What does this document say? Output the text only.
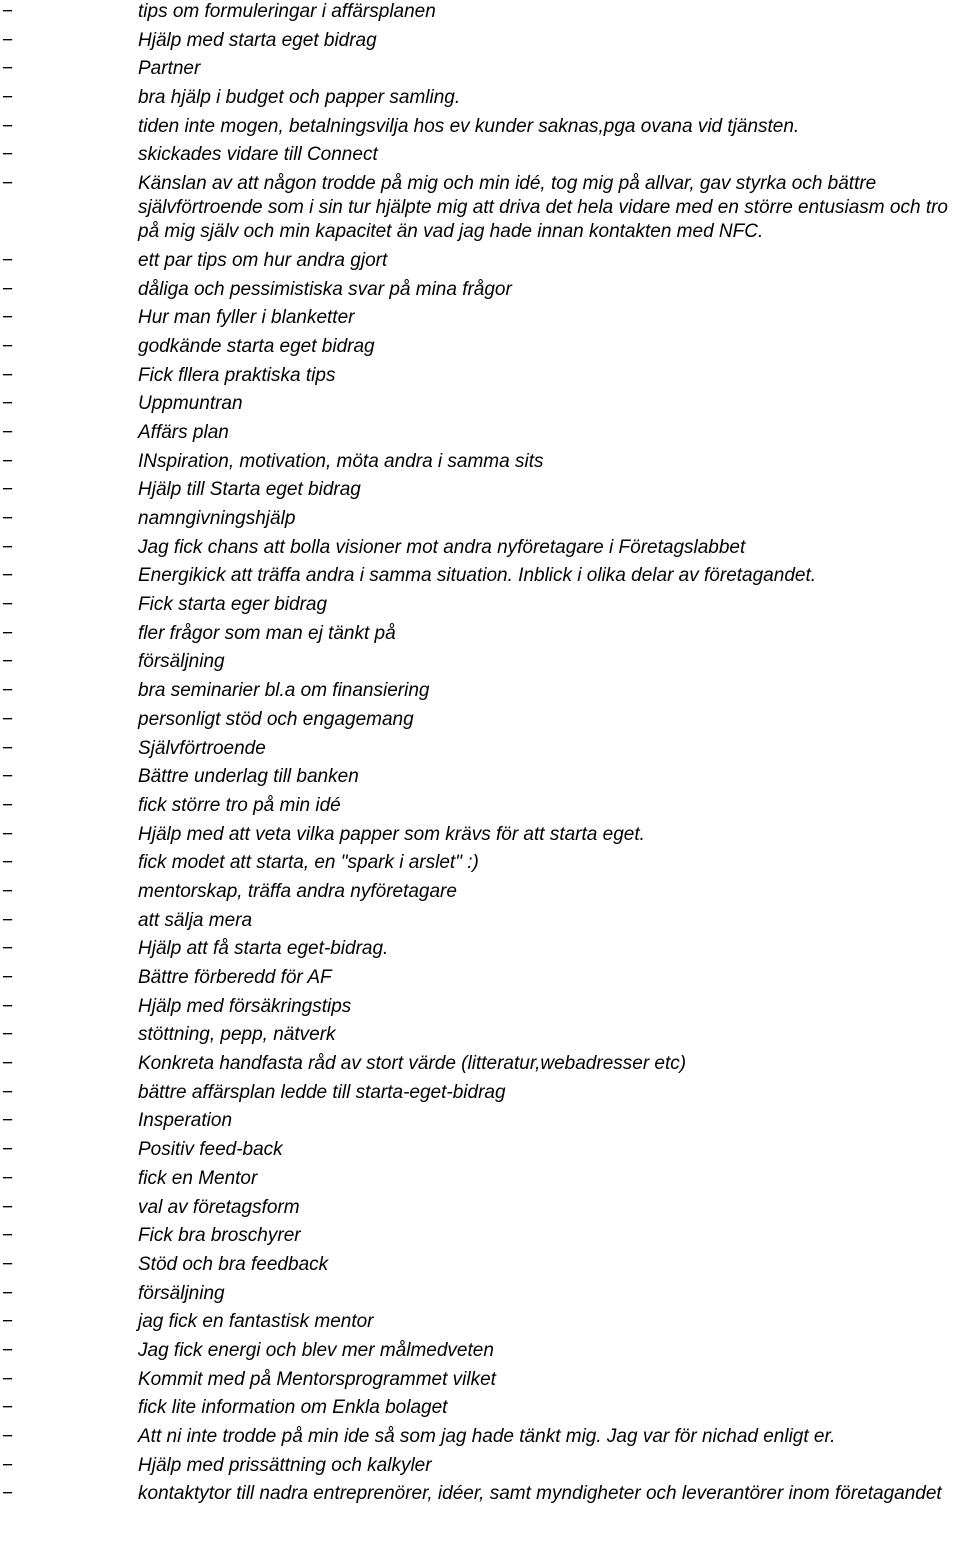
−	tips om formuleringar i affärsplanen
−	Hjälp med starta eget bidrag
−	Partner
−	bra hjälp i budget och papper samling.
−	tiden inte mogen, betalningsvilja hos ev kunder saknas,pga ovana vid tjänsten.
−	skickades vidare till Connect
−	Känslan av att någon trodde på mig och min idé, tog mig på allvar, gav styrka och bättre självförtroende som i sin tur hjälpte mig att driva det hela vidare med en större entusiasm och tro på mig själv och min kapacitet än vad jag hade innan kontakten med NFC.
−	ett par tips om hur andra gjort
−	dåliga och pessimistiska svar på mina frågor
−	Hur man fyller i blanketter
−	godkände starta eget bidrag
−	Fick fllera praktiska tips
−	Uppmuntran
−	Affärs plan
−	INspiration, motivation, möta andra i samma sits
−	Hjälp till Starta eget bidrag
−	namngivningshjälp
−	Jag fick chans att bolla visioner mot andra nyföretagare i Företagslabbet
−	Energikick att träffa andra i samma situation. Inblick i olika delar av företagandet.
−	Fick starta eger bidrag
−	fler frågor som man ej tänkt på
−	försäljning
−	bra seminarier bl.a om finansiering
−	personligt stöd och engagemang
−	Självförtroende
−	Bättre underlag till banken
−	fick större tro på min idé
−	Hjälp med att veta vilka papper som krävs för att starta eget.
−	fick modet att starta, en "spark i arslet" :)
−	mentorskap, träffa andra nyföretagare
−	att sälja mera
−	Hjälp att få starta eget-bidrag.
−	Bättre förberedd för AF
−	Hjälp med försäkringstips
−	stöttning, pepp, nätverk
−	Konkreta handfasta råd av stort värde (litteratur,webadresser etc)
−	bättre affärsplan ledde till starta-eget-bidrag
−	Insperation
−	Positiv feed-back
−	fick en Mentor
−	val av företagsform
−	Fick bra broschyrer
−	Stöd och bra feedback
−	försäljning
−	jag fick en fantastisk mentor
−	Jag fick energi och blev mer målmedveten
−	Kommit med på Mentorsprogrammet vilket
−	fick lite information om Enkla bolaget
−	Att ni inte trodde på min ide så som jag hade tänkt mig. Jag var för nichad enligt er.
−	Hjälp med prissättning och kalkyler
−	kontaktytor till nadra entreprenörer, idéer, samt myndigheter och leverantörer inom företagandet
